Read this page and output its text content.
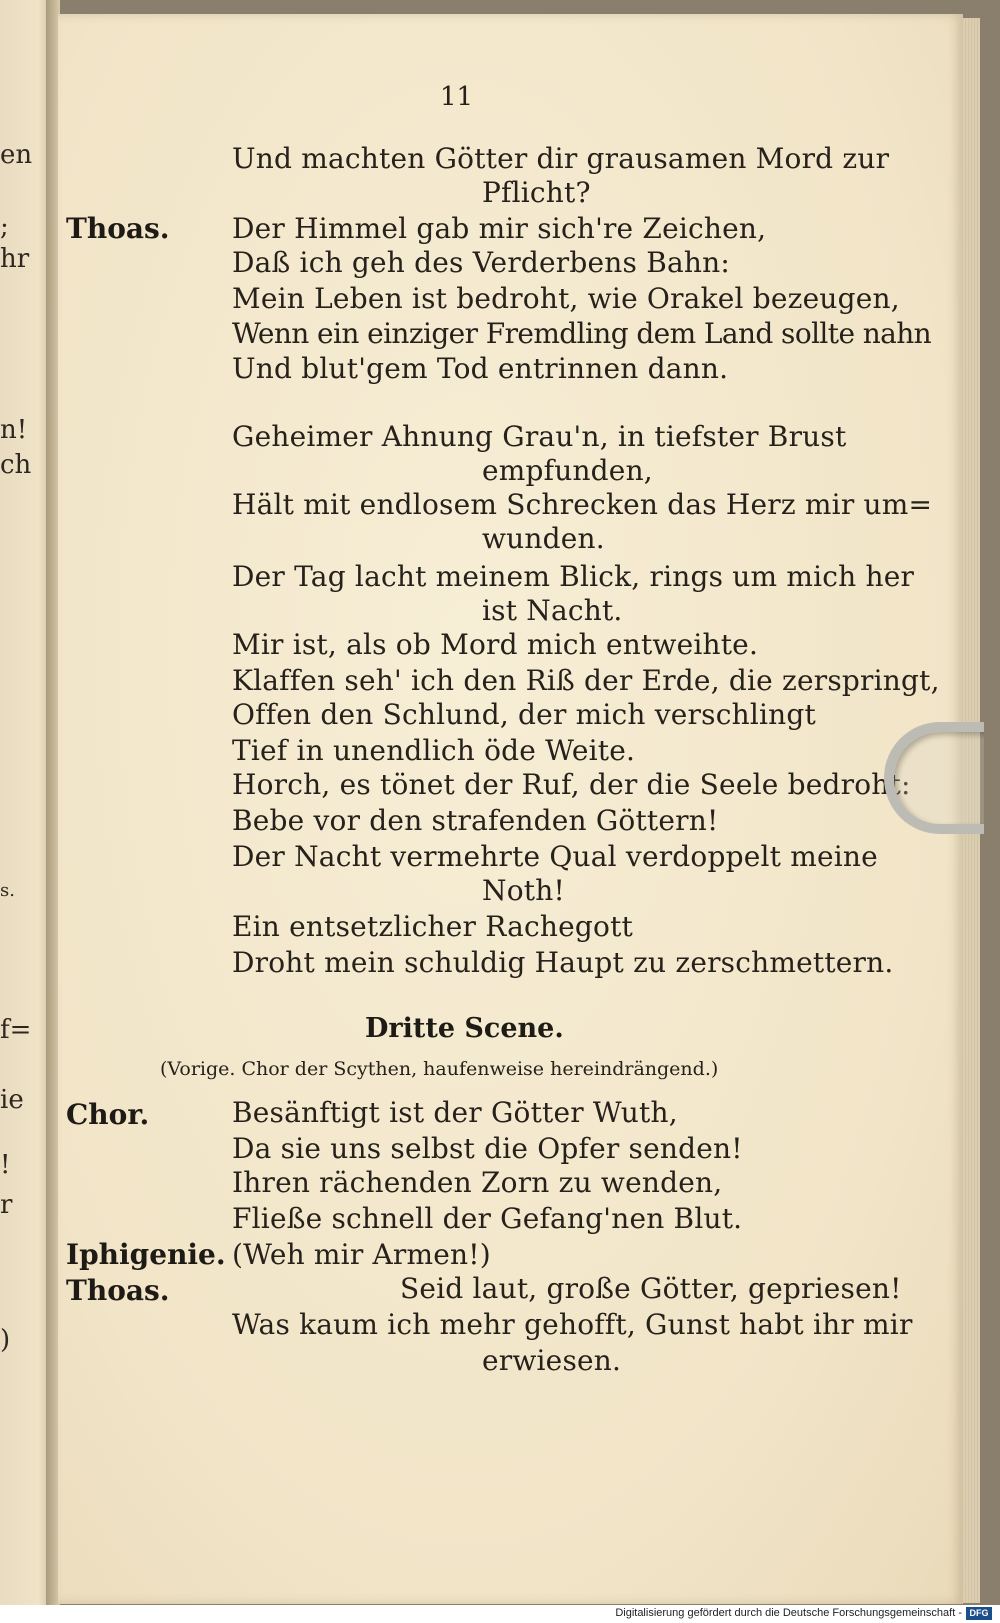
en
;
hr
n!
ch
s.
f=
ie
!
r
)
11
Thoas.
Und machten Götter dir grausamen Mord zur
Pflicht?
Der Himmel gab mir sich're Zeichen,
Daß ich geh des Verderbens Bahn:
Mein Leben ist bedroht, wie Orakel bezeugen,
Wenn ein einziger Fremdling dem Land sollte nahn
Und blut'gem Tod entrinnen dann.
Geheimer Ahnung Grau'n, in tiefster Brust
empfunden,
Hält mit endlosem Schrecken das Herz mir um=
wunden.
Der Tag lacht meinem Blick, rings um mich her
ist Nacht.
Mir ist, als ob Mord mich entweihte.
Klaffen seh' ich den Riß der Erde, die zerspringt,
Offen den Schlund, der mich verschlingt
Tief in unendlich öde Weite.
Horch, es tönet der Ruf, der die Seele bedroht:
Bebe vor den strafenden Göttern!
Der Nacht vermehrte Qual verdoppelt meine
Noth!
Ein entsetzlicher Rachegott
Droht mein schuldig Haupt zu zerschmettern.
Dritte Scene.
(Vorige. Chor der Scythen, haufenweise hereindrängend.)
Chor.	Besänftigt ist der Götter Wuth,
Da sie uns selbst die Opfer senden!
Ihren rächenden Zorn zu wenden,
Fließe schnell der Gefang'nen Blut.
Iphigenie. (Weh mir Armen!)
Thoas.	Seid laut, große Götter, gepriesen!
Was kaum ich mehr gehofft, Gunst habt ihr mir
erwiesen.
Digitalisierung gefördert durch die Deutsche Forschungsgemeinschaft - DFG
